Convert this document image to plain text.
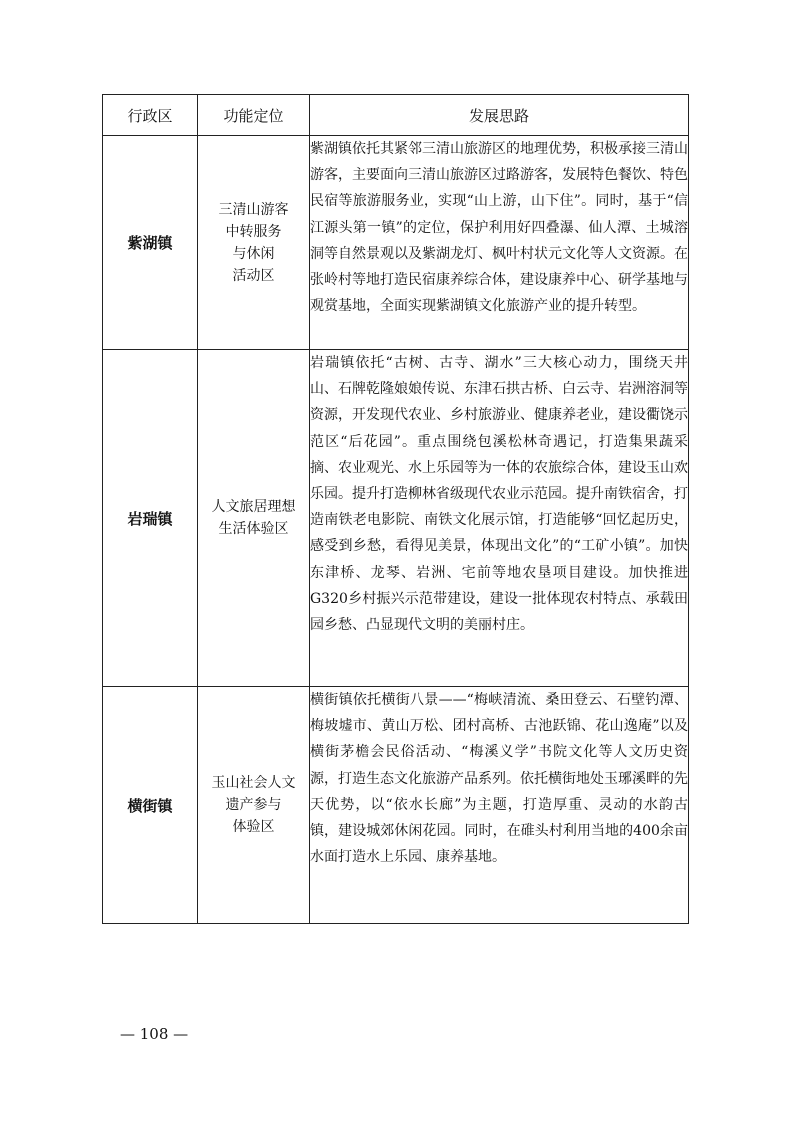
行政区	功能定位	发展思路
紫湖镇	三清山游客
中转服务
与休闲
活动区	紫湖镇依托其紧邻三清山旅游区的地理优势，积极承接三清山游客，主要面向三清山旅游区过路游客，发展特色餐饮、特色民宿等旅游服务业，实现“山上游，山下住”。同时，基于“信江源头第一镇”的定位，保护利用好四叠瀑、仙人潭、土城溶洞等自然景观以及紫湖龙灯、枫叶村状元文化等人文资源。在张岭村等地打造民宿康养综合体，建设康养中心、研学基地与观赏基地，全面实现紫湖镇文化旅游产业的提升转型。
岩瑞镇	人文旅居理想
生活体验区	岩瑞镇依托“古树、古寺、湖水”三大核心动力，围绕天井山、石牌乾隆娘娘传说、东津石拱古桥、白云寺、岩洲溶洞等资源，开发现代农业、乡村旅游业、健康养老业，建设衢饶示范区“后花园”。重点围绕包溪松林奇遇记，打造集果蔬采摘、农业观光、水上乐园等为一体的农旅综合体，建设玉山欢乐园。提升打造柳林省级现代农业示范园。提升南铁宿舍，打造南铁老电影院、南铁文化展示馆，打造能够“回忆起历史，感受到乡愁，看得见美景，体现出文化”的“工矿小镇”。加快东津桥、龙琴、岩洲、宅前等地农垦项目建设。加快推进G320乡村振兴示范带建设，建设一批体现农村特点、承载田园乡愁、凸显现代文明的美丽村庄。
横街镇	玉山社会人文
遗产参与
体验区	横街镇依托横街八景——“梅峡清流、桑田登云、石壁钓潭、梅坡墟市、黄山万松、团村高桥、古池跃锦、花山逸庵”以及横街茅檐会民俗活动、“梅溪义学”书院文化等人文历史资源，打造生态文化旅游产品系列。依托横街地处玉琊溪畔的先天优势，以“依水长廊”为主题，打造厚重、灵动的水韵古镇，建设城郊休闲花园。同时，在碓头村利用当地的400余亩水面打造水上乐园、康养基地。
— 108 —
